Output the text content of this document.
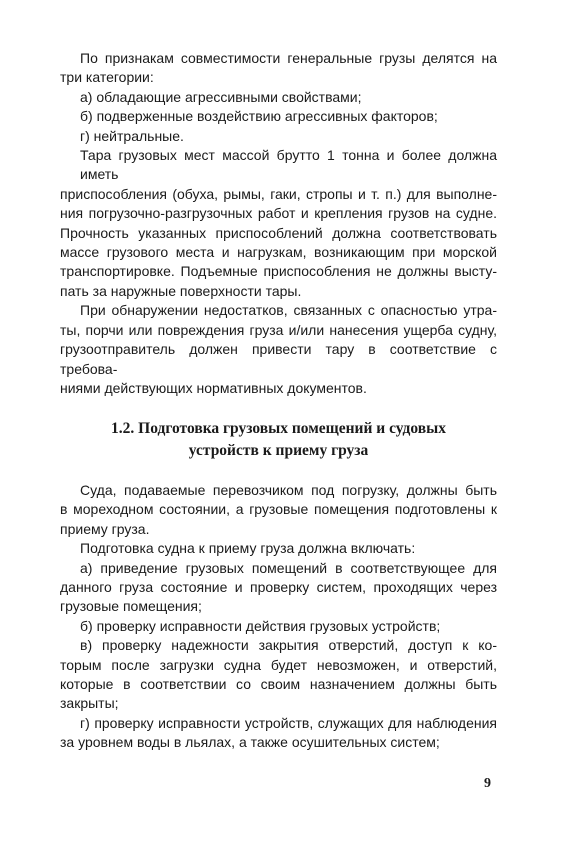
По признакам совместимости генеральные грузы делятся на
три категории:
а) обладающие агрессивными свойствами;
б) подверженные воздействию агрессивных факторов;
г) нейтральные.
Тара грузовых мест массой брутто 1 тонна и более должна иметь
приспособления (обуха, рымы, гаки, стропы и т. п.) для выполне-
ния погрузочно-разгрузочных работ и крепления грузов на судне.
Прочность указанных приспособлений должна соответствовать
массе грузового места и нагрузкам, возникающим при морской
транспортировке. Подъемные приспособления не должны высту-
пать за наружные поверхности тары.
При обнаружении недостатков, связанных с опасностью утра-
ты, порчи или повреждения груза и/или нанесения ущерба судну,
грузоотправитель должен привести тару в соответствие с требова-
ниями действующих нормативных документов.
1.2. Подготовка грузовых помещений и судовых
устройств к приему груза
Суда, подаваемые перевозчиком под погрузку, должны быть
в мореходном состоянии, а грузовые помещения подготовлены к
приему груза.
Подготовка судна к приему груза должна включать:
а) приведение грузовых помещений в соответствующее для
данного груза состояние и проверку систем, проходящих через
грузовые помещения;
б) проверку исправности действия грузовых устройств;
в) проверку надежности закрытия отверстий, доступ к ко-
торым после загрузки судна будет невозможен, и отверстий,
которые в соответствии со своим назначением должны быть
закрыты;
г) проверку исправности устройств, служащих для наблюдения
за уровнем воды в льялах, а также осушительных систем;
9
